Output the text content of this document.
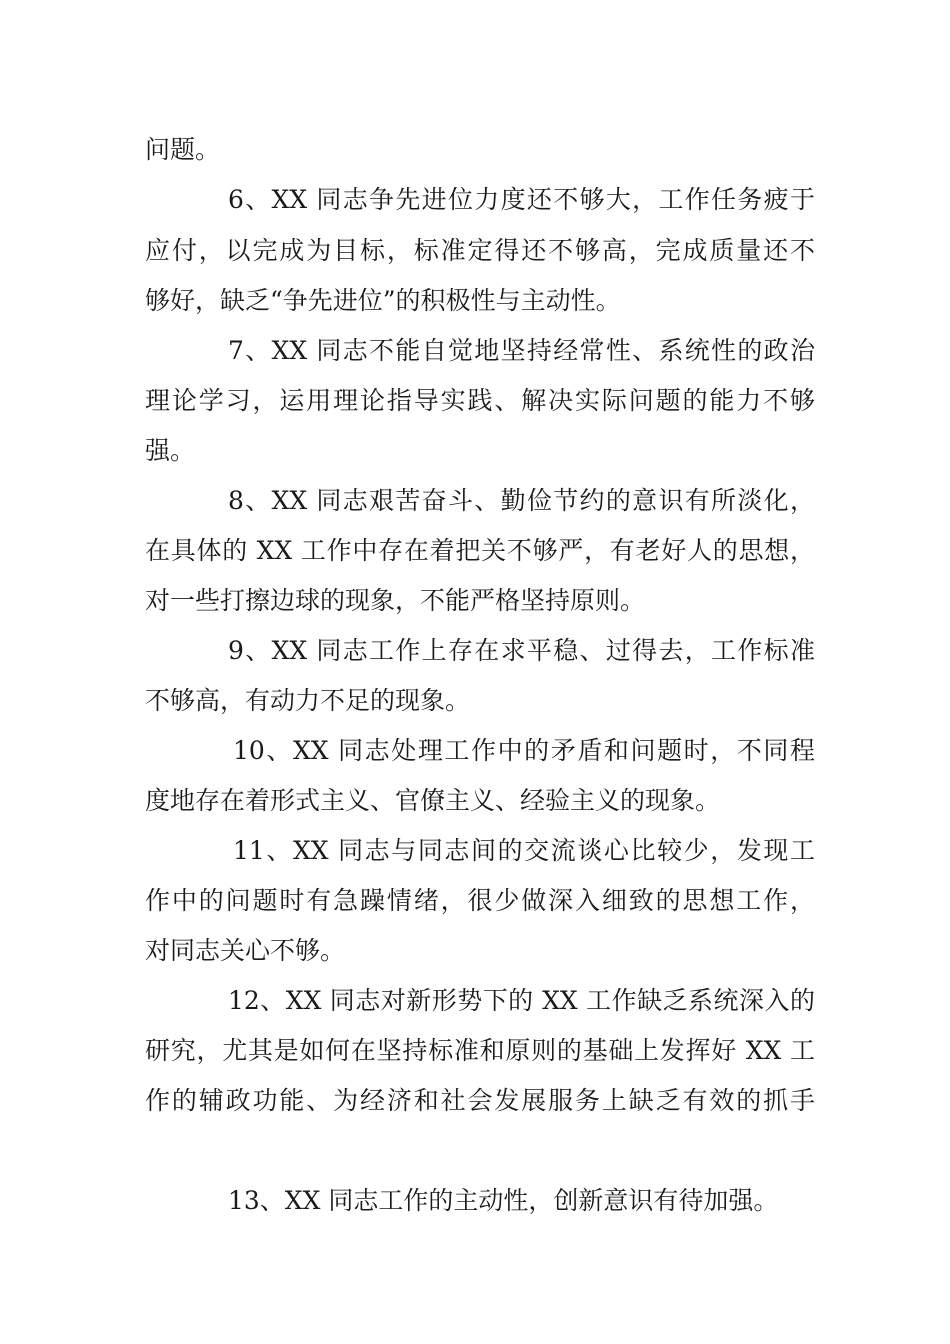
问题。
6、XX 同志争先进位力度还不够大，工作任务疲于
应付，以完成为目标，标准定得还不够高，完成质量还不
够好，缺乏“争先进位”的积极性与主动性。
7、XX 同志不能自觉地坚持经常性、系统性的政治
理论学习，运用理论指导实践、解决实际问题的能力不够
强。
8、XX 同志艰苦奋斗、勤俭节约的意识有所淡化，
在具体的 XX 工作中存在着把关不够严，有老好人的思想，
对一些打擦边球的现象，不能严格坚持原则。
9、XX 同志工作上存在求平稳、过得去，工作标准
不够高，有动力不足的现象。
10、XX 同志处理工作中的矛盾和问题时，不同程
度地存在着形式主义、官僚主义、经验主义的现象。
11、XX 同志与同志间的交流谈心比较少，发现工
作中的问题时有急躁情绪，很少做深入细致的思想工作，
对同志关心不够。
12、XX 同志对新形势下的 XX 工作缺乏系统深入的
研究，尤其是如何在坚持标准和原则的基础上发挥好 XX 工
作的辅政功能、为经济和社会发展服务上缺乏有效的抓手
13、XX 同志工作的主动性，创新意识有待加强。
